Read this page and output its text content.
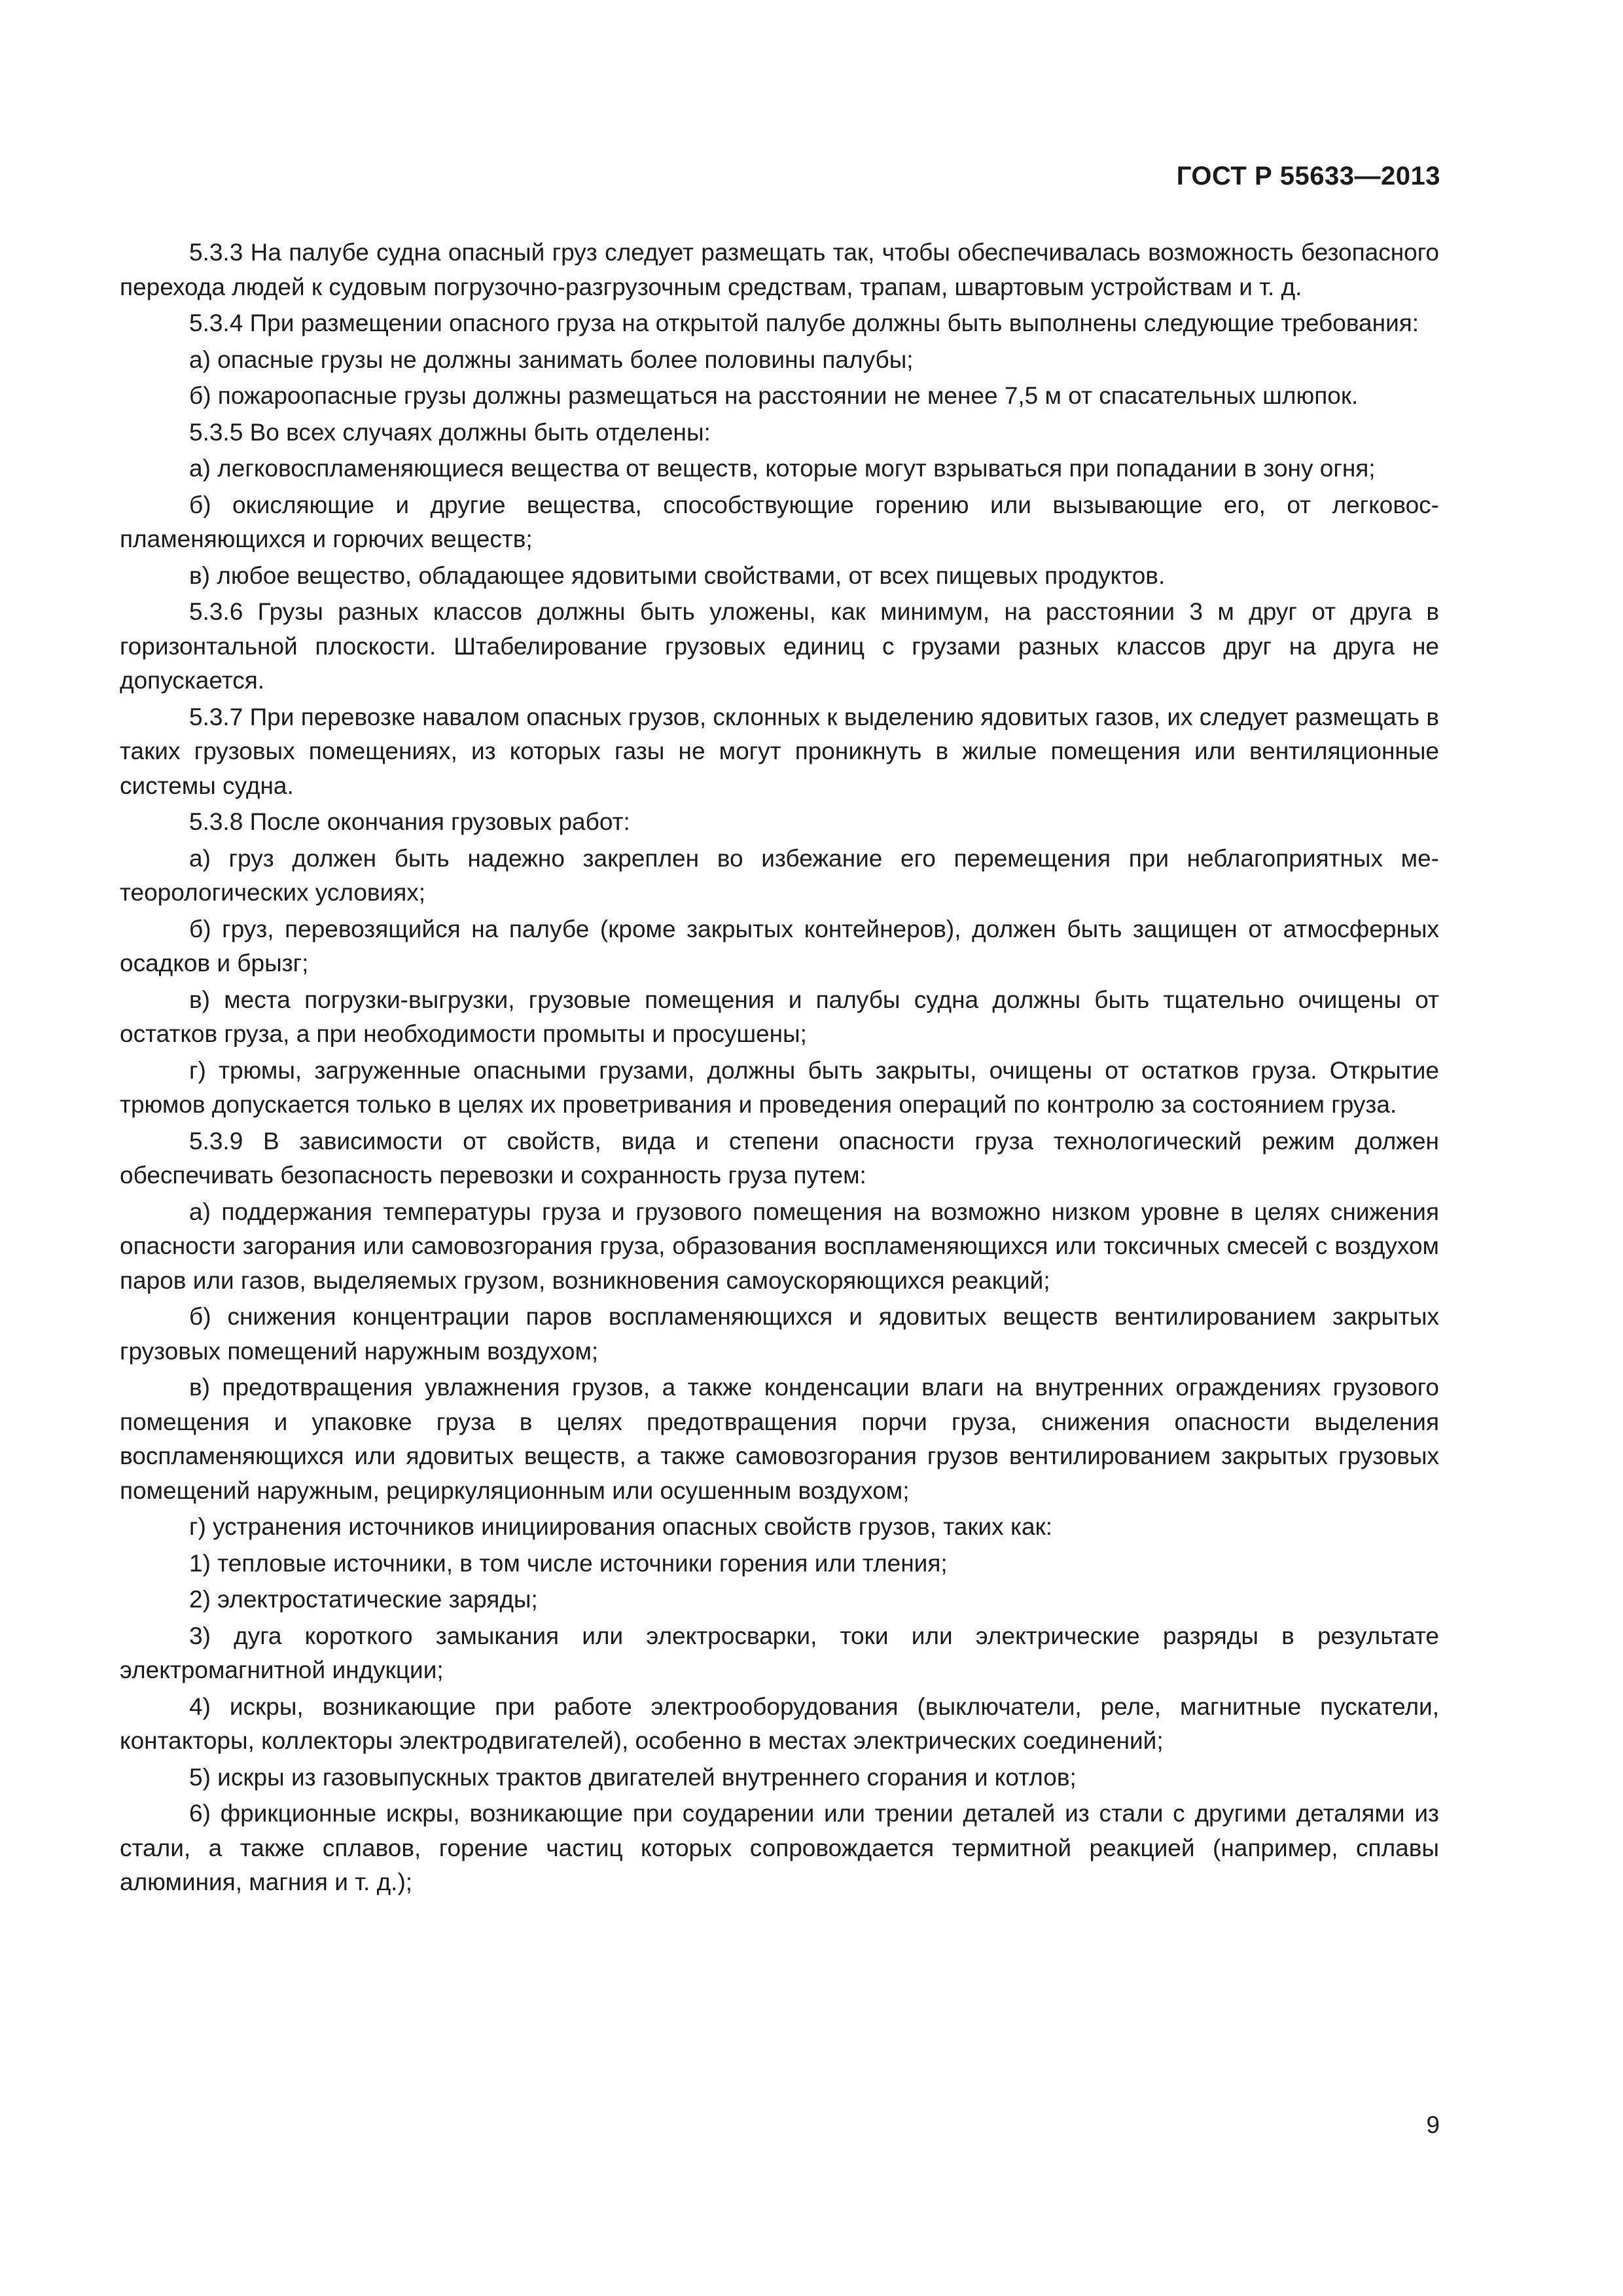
ГОСТ Р 55633—2013

5.3.3 На палубе судна опасный груз следует размещать так, чтобы обеспечивалась возможность безопасного перехода людей к судовым погрузочно-разгрузочным средствам, трапам, швартовым устройствам и т. д.

5.3.4 При размещении опасного груза на открытой палубе должны быть выполнены следующие требования:

а) опасные грузы не должны занимать более половины палубы;

б) пожароопасные грузы должны размещаться на расстоянии не менее 7,5 м от спасательных шлюпок.

5.3.5 Во всех случаях должны быть отделены:

а) легковоспламеняющиеся вещества от веществ, которые могут взрываться при попадании в зону огня;

б) окисляющие и другие вещества, способствующие горению или вызывающие его, от легковоспламеняющихся и горючих веществ;

в) любое вещество, обладающее ядовитыми свойствами, от всех пищевых продуктов.

5.3.6 Грузы разных классов должны быть уложены, как минимум, на расстоянии 3 м друг от друга в горизонтальной плоскости. Штабелирование грузовых единиц с грузами разных классов друг на друга не допускается.

5.3.7 При перевозке навалом опасных грузов, склонных к выделению ядовитых газов, их следует размещать в таких грузовых помещениях, из которых газы не могут проникнуть в жилые помещения или вентиляционные системы судна.

5.3.8 После окончания грузовых работ:

а) груз должен быть надежно закреплен во избежание его перемещения при неблагоприятных метеорологических условиях;

б) груз, перевозящийся на палубе (кроме закрытых контейнеров), должен быть защищен от атмосферных осадков и брызг;

в) места погрузки-выгрузки, грузовые помещения и палубы судна должны быть тщательно очищены от остатков груза, а при необходимости промыты и просушены;

г) трюмы, загруженные опасными грузами, должны быть закрыты, очищены от остатков груза. Открытие трюмов допускается только в целях их проветривания и проведения операций по контролю за состоянием груза.

5.3.9 В зависимости от свойств, вида и степени опасности груза технологический режим должен обеспечивать безопасность перевозки и сохранность груза путем:

а) поддержания температуры груза и грузового помещения на возможно низком уровне в целях снижения опасности загорания или самовозгорания груза, образования воспламеняющихся или токсичных смесей с воздухом паров или газов, выделяемых грузом, возникновения самоускоряющихся реакций;

б) снижения концентрации паров воспламеняющихся и ядовитых веществ вентилированием закрытых грузовых помещений наружным воздухом;

в) предотвращения увлажнения грузов, а также конденсации влаги на внутренних ограждениях грузового помещения и упаковке груза в целях предотвращения порчи груза, снижения опасности выделения воспламеняющихся или ядовитых веществ, а также самовозгорания грузов вентилированием закрытых грузовых помещений наружным, рециркуляционным или осушенным воздухом;

г) устранения источников инициирования опасных свойств грузов, таких как:

1) тепловые источники, в том числе источники горения или тления;

2) электростатические заряды;

3) дуга короткого замыкания или электросварки, токи или электрические разряды в результате электромагнитной индукции;

4) искры, возникающие при работе электрооборудования (выключатели, реле, магнитные пускатели, контакторы, коллекторы электродвигателей), особенно в местах электрических соединений;

5) искры из газовыпускных трактов двигателей внутреннего сгорания и котлов;

6) фрикционные искры, возникающие при соударении или трении деталей из стали с другими деталями из стали, а также сплавов, горение частиц которых сопровождается термитной реакцией (например, сплавы алюминия, магния и т. д.);

9
